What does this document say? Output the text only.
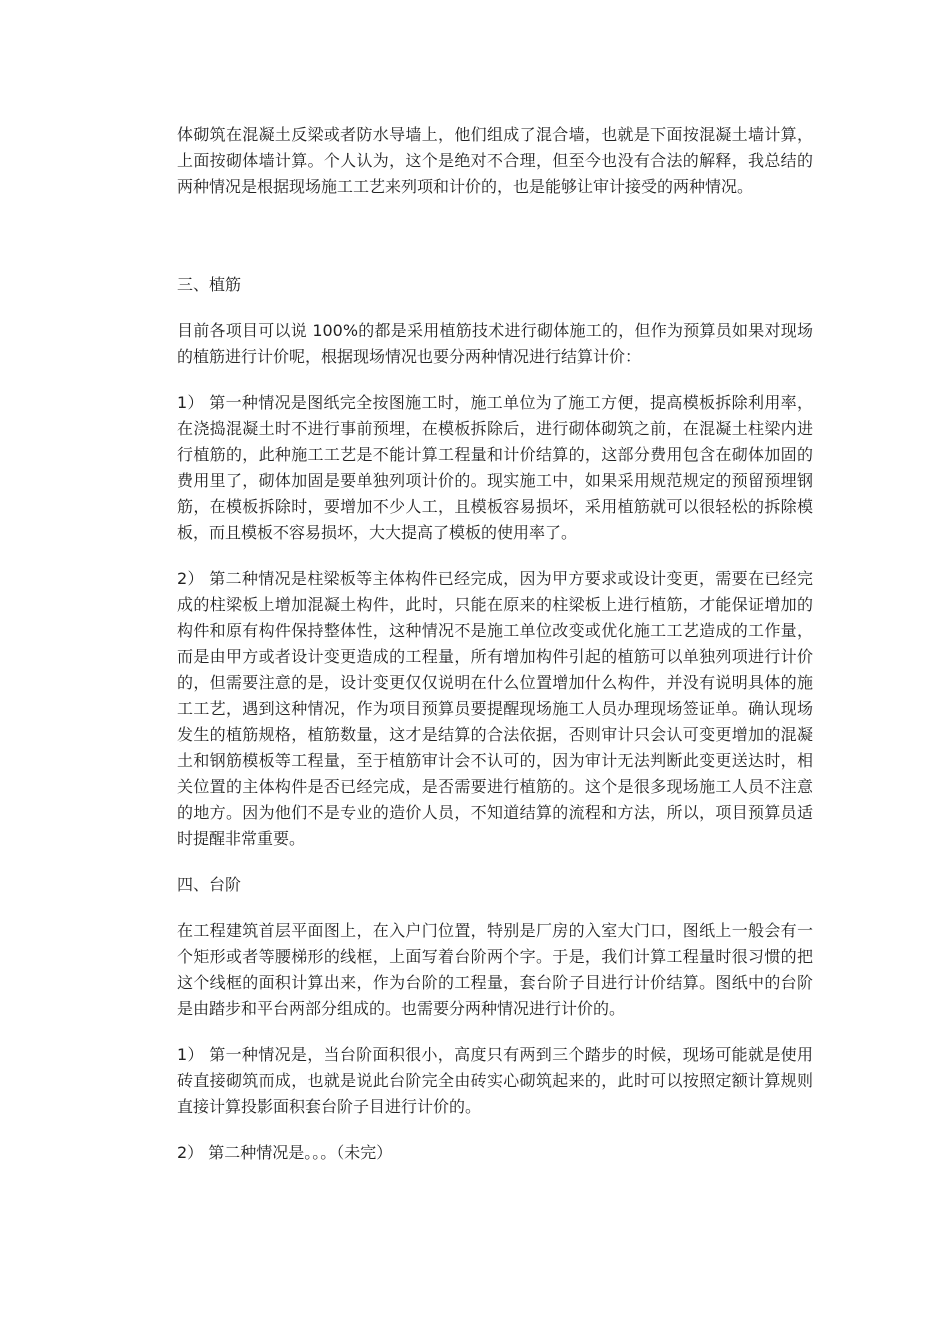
体砌筑在混凝土反梁或者防水导墙上，他们组成了混合墙，也就是下面按混凝土墙计算，上面按砌体墙计算。个人认为，这个是绝对不合理，但至今也没有合法的解释，我总结的两种情况是根据现场施工工艺来列项和计价的，也是能够让审计接受的两种情况。

三、植筋

目前各项目可以说 100%的都是采用植筋技术进行砌体施工的，但作为预算员如果对现场的植筋进行计价呢，根据现场情况也要分两种情况进行结算计价：

1） 第一种情况是图纸完全按图施工时，施工单位为了施工方便，提高模板拆除利用率，在浇捣混凝土时不进行事前预埋，在模板拆除后，进行砌体砌筑之前，在混凝土柱梁内进行植筋的，此种施工工艺是不能计算工程量和计价结算的，这部分费用包含在砌体加固的费用里了，砌体加固是要单独列项计价的。现实施工中，如果采用规范规定的预留预埋钢筋，在模板拆除时，要增加不少人工，且模板容易损坏，采用植筋就可以很轻松的拆除模板，而且模板不容易损坏，大大提高了模板的使用率了。

2） 第二种情况是柱梁板等主体构件已经完成，因为甲方要求或设计变更，需要在已经完成的柱梁板上增加混凝土构件，此时，只能在原来的柱梁板上进行植筋，才能保证增加的构件和原有构件保持整体性，这种情况不是施工单位改变或优化施工工艺造成的工作量，而是由甲方或者设计变更造成的工程量，所有增加构件引起的植筋可以单独列项进行计价的，但需要注意的是，设计变更仅仅说明在什么位置增加什么构件，并没有说明具体的施工工艺，遇到这种情况，作为项目预算员要提醒现场施工人员办理现场签证单。确认现场发生的植筋规格，植筋数量，这才是结算的合法依据，否则审计只会认可变更增加的混凝土和钢筋模板等工程量，至于植筋审计会不认可的，因为审计无法判断此变更送达时，相关位置的主体构件是否已经完成，是否需要进行植筋的。这个是很多现场施工人员不注意的地方。因为他们不是专业的造价人员，不知道结算的流程和方法，所以，项目预算员适时提醒非常重要。

四、台阶

在工程建筑首层平面图上，在入户门位置，特别是厂房的入室大门口，图纸上一般会有一个矩形或者等腰梯形的线框，上面写着台阶两个字。于是，我们计算工程量时很习惯的把这个线框的面积计算出来，作为台阶的工程量，套台阶子目进行计价结算。图纸中的台阶是由踏步和平台两部分组成的。也需要分两种情况进行计价的。

1） 第一种情况是，当台阶面积很小，高度只有两到三个踏步的时候，现场可能就是使用砖直接砌筑而成，也就是说此台阶完全由砖实心砌筑起来的，此时可以按照定额计算规则直接计算投影面积套台阶子目进行计价的。

2） 第二种情况是。。。（未完）
